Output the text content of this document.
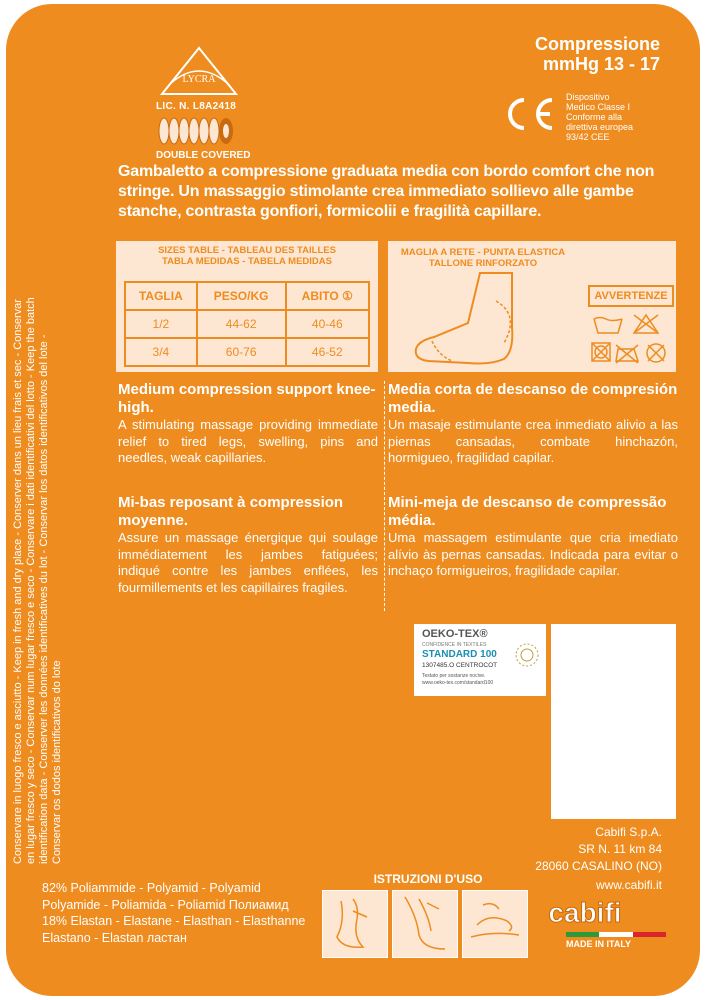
LYCRA
LIC. N. L8A2418
DOUBLE COVERED
Compressione
mmHg 13 - 17
CE	Dispositivo
Medico Classe I
Conforme alla
direttiva europea
93/42 CEE
Gambaletto a compressione graduata media con bordo comfort che non stringe. Un massaggio stimolante crea immediato sollievo alle gambe stanche, contrasta gonfiori, formicolii e fragilità capillare.
Conservare in luogo fresco e asciutto - Keep in fresh and dry place - Conserver dans un lieu frais et sec - Conservar en lugar fresco y seco - Conservar num lugar fresco e seco - Conservare i dati identificativi del lotto - Keep the batch identification data - Conserver les données identificatives du lot - Conservar los datos identificativos del lote - Conservar os dodos identificativos do lote
SIZES TABLE - TABLEAU DES TAILLES
TABLA MEDIDAS - TABELA MEDIDAS
TAGLIA	PESO/KG	ABITO ①
1/2	44-62	40-46
3/4	60-76	46-52
MAGLIA A RETE - PUNTA ELASTICA
TALLONE RINFORZATO
AVVERTENZE
Medium compression support knee-high.

A stimulating massage providing immediate relief to tired legs, swelling, pins and needles, weak capillaries.

Mi-bas reposant à compression moyenne.

Assure un massage énergique qui soulage immédiatement les jambes fatiguées; indiqué contre les jambes enflées, les fourmillements et les capillaires fragiles.

Media corta de descanso de compresión media.

Un masaje estimulante crea inmediato alivio a las piernas cansadas, combate hinchazón, hormigueo, fragilidad capilar.

Mini-meja de descanso de compressão média.

Uma massagem estimulante que cria imediato alívio às pernas cansadas. Indicada para evitar o inchaço formigueiros, fragilidade capilar.

OEKO-TEX®
CONFIDENCE IN TEXTILES
STANDARD 100
1307485.O CENTROCOT
Testato per sostanze nocive.
www.oeko-tex.com/standard100
Cabifi S.p.A.
SR N. 11 km 84
28060 CASALINO (NO)
www.cabifi.it
cabifi
MADE IN ITALY
82% Poliammide - Polyamid - Polyamid
Polyamide - Poliamida - Poliamid Полиамид
18% Elastan - Elastane - Elasthan - Elasthanne
Elastano - Elastan ластан
ISTRUZIONI D'USO
